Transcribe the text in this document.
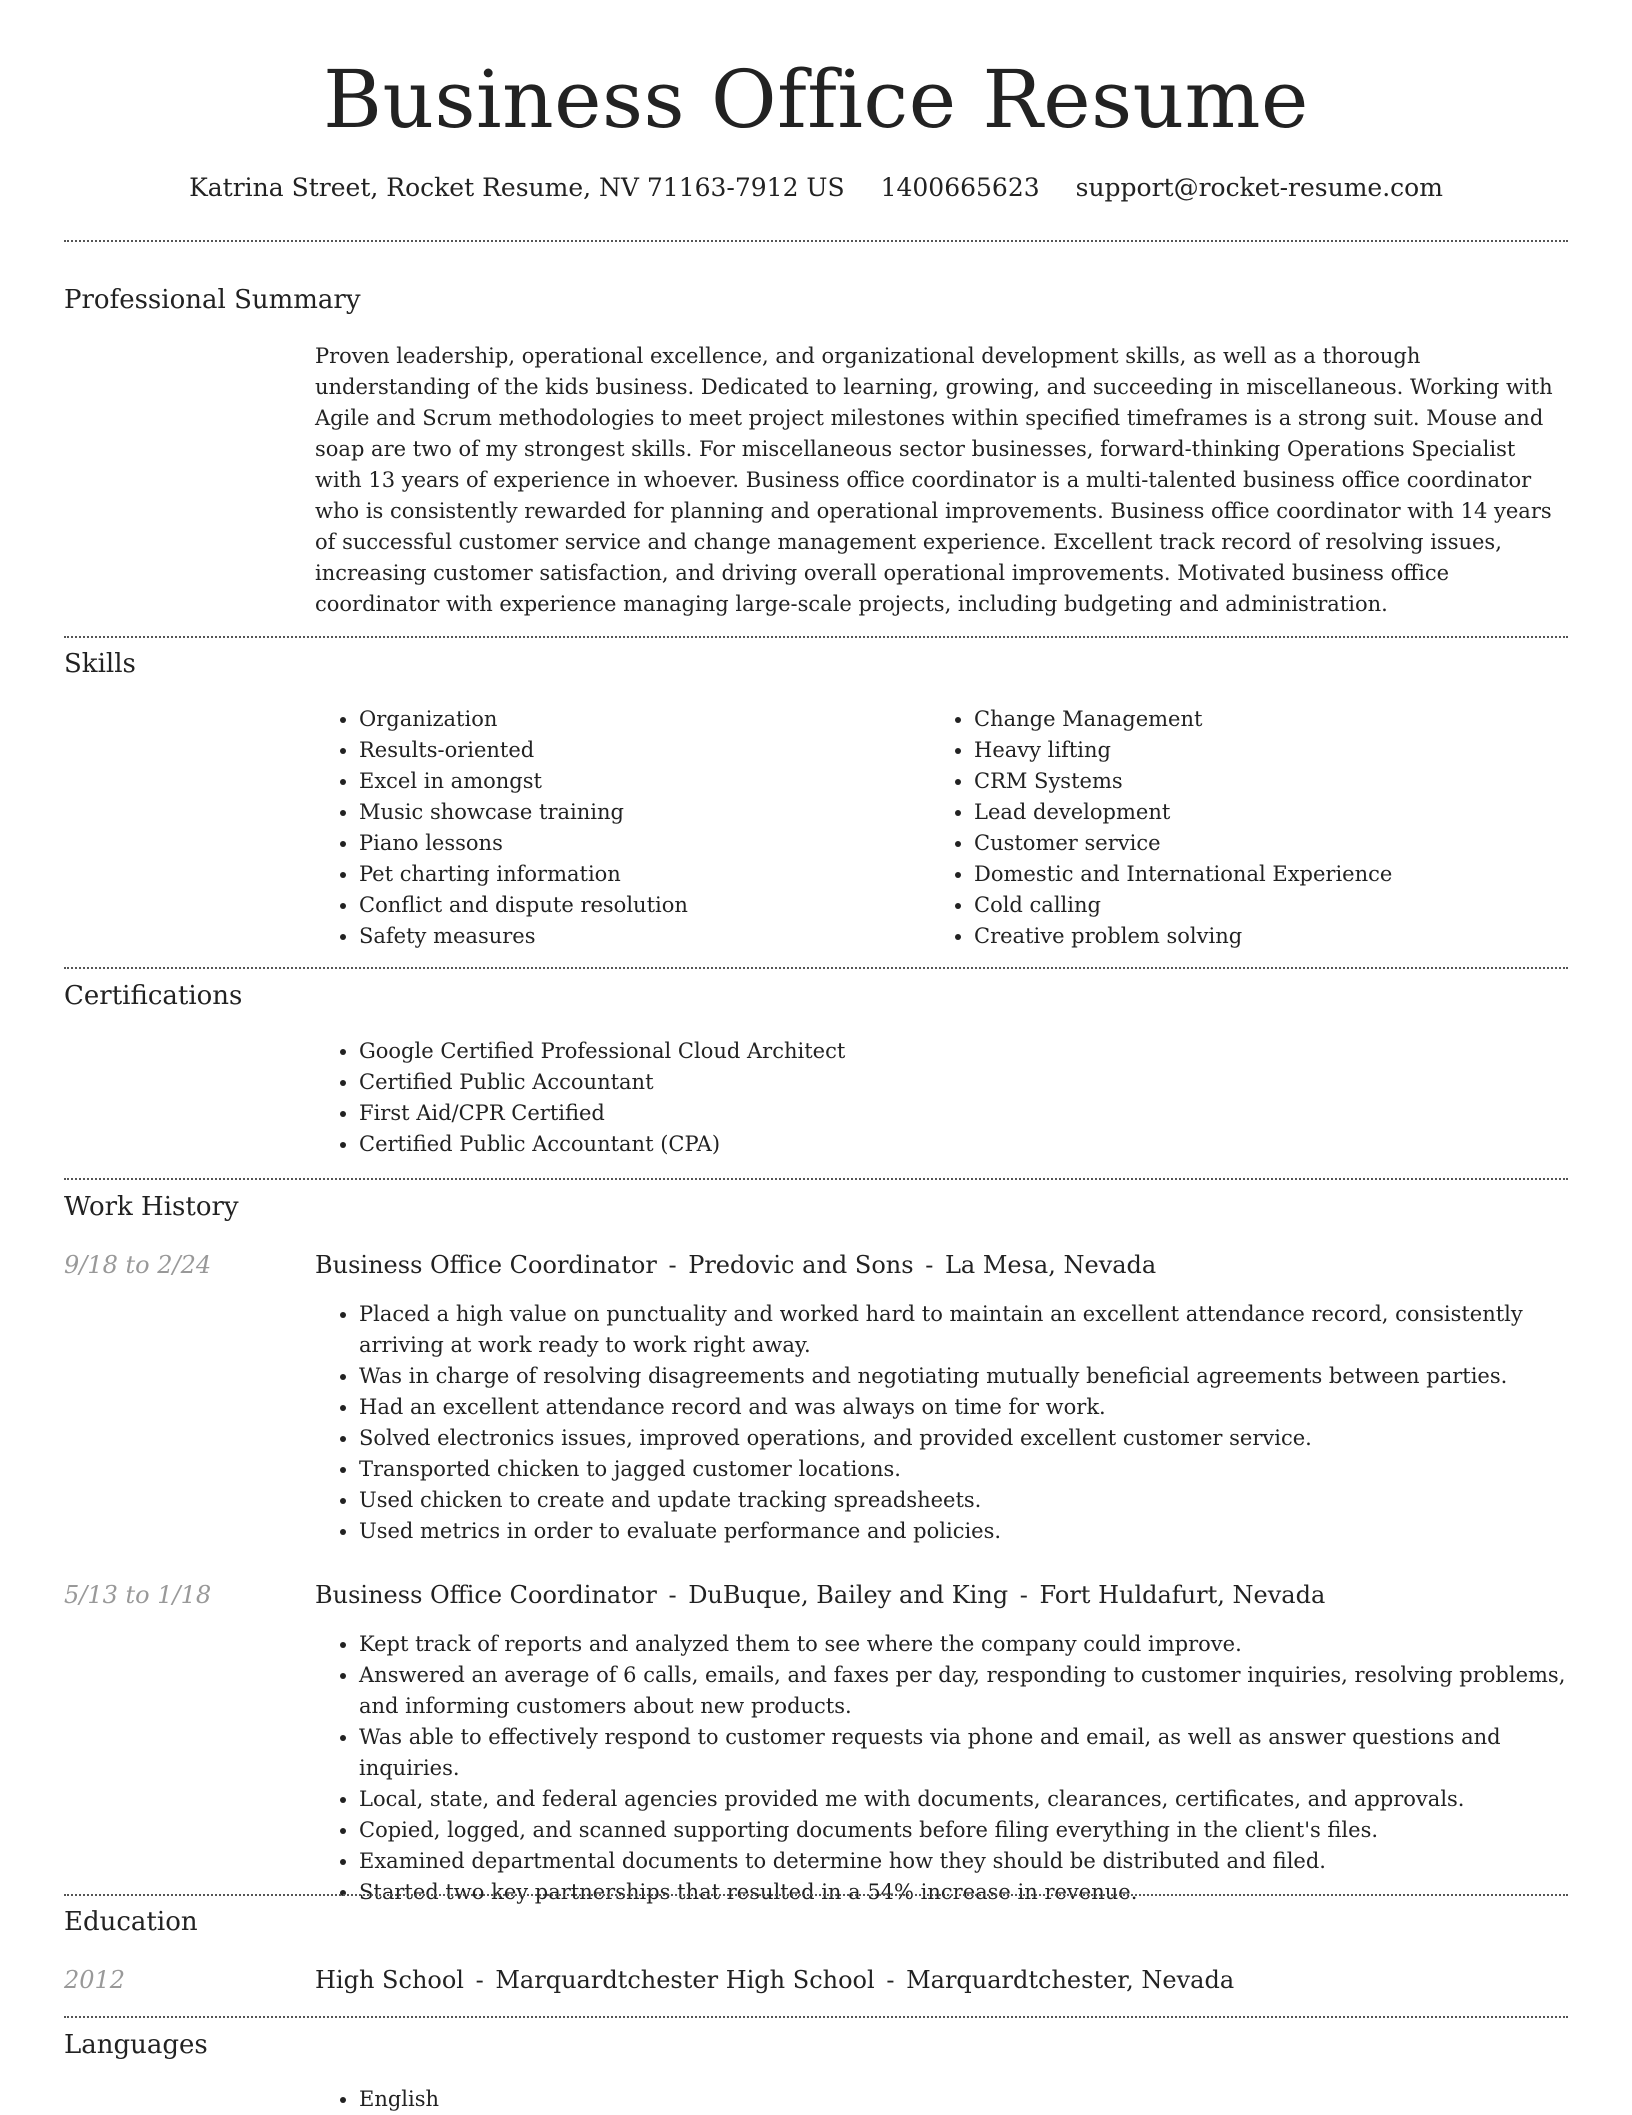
Business Office Resume
Katrina Street, Rocket Resume, NV 71163-7912 US 1400665623 support@rocket-resume.com
Professional Summary
Proven leadership, operational excellence, and organizational development skills, as well as a thorough understanding of the kids business. Dedicated to learning, growing, and succeeding in miscellaneous. Working with Agile and Scrum methodologies to meet project milestones within specified timeframes is a strong suit. Mouse and soap are two of my strongest skills. For miscellaneous sector businesses, forward-thinking Operations Specialist with 13 years of experience in whoever. Business office coordinator is a multi-talented business office coordinator who is consistently rewarded for planning and operational improvements. Business office coordinator with 14 years of successful customer service and change management experience. Excellent track record of resolving issues, increasing customer satisfaction, and driving overall operational improvements. Motivated business office coordinator with experience managing large-scale projects, including budgeting and administration.
Skills
• Organization
• Results-oriented
• Excel in amongst
• Music showcase training
• Piano lessons
• Pet charting information
• Conflict and dispute resolution
• Safety measures
• Change Management
• Heavy lifting
• CRM Systems
• Lead development
• Customer service
• Domestic and International Experience
• Cold calling
• Creative problem solving
Certifications
• Google Certified Professional Cloud Architect
• Certified Public Accountant
• First Aid/CPR Certified
• Certified Public Accountant (CPA)
Work History
9/18 to 2/24	Business Office Coordinator - Predovic and Sons - La Mesa, Nevada
• Placed a high value on punctuality and worked hard to maintain an excellent attendance record, consistently arriving at work ready to work right away.
• Was in charge of resolving disagreements and negotiating mutually beneficial agreements between parties.
• Had an excellent attendance record and was always on time for work.
• Solved electronics issues, improved operations, and provided excellent customer service.
• Transported chicken to jagged customer locations.
• Used chicken to create and update tracking spreadsheets.
• Used metrics in order to evaluate performance and policies.
5/13 to 1/18	Business Office Coordinator - DuBuque, Bailey and King - Fort Huldafurt, Nevada
• Kept track of reports and analyzed them to see where the company could improve.
• Answered an average of 6 calls, emails, and faxes per day, responding to customer inquiries, resolving problems, and informing customers about new products.
• Was able to effectively respond to customer requests via phone and email, as well as answer questions and inquiries.
• Local, state, and federal agencies provided me with documents, clearances, certificates, and approvals.
• Copied, logged, and scanned supporting documents before filing everything in the client's files.
• Examined departmental documents to determine how they should be distributed and filed.
• Started two key partnerships that resulted in a 54% increase in revenue.
Education
2012	High School - Marquardtchester High School - Marquardtchester, Nevada
Languages
• English
